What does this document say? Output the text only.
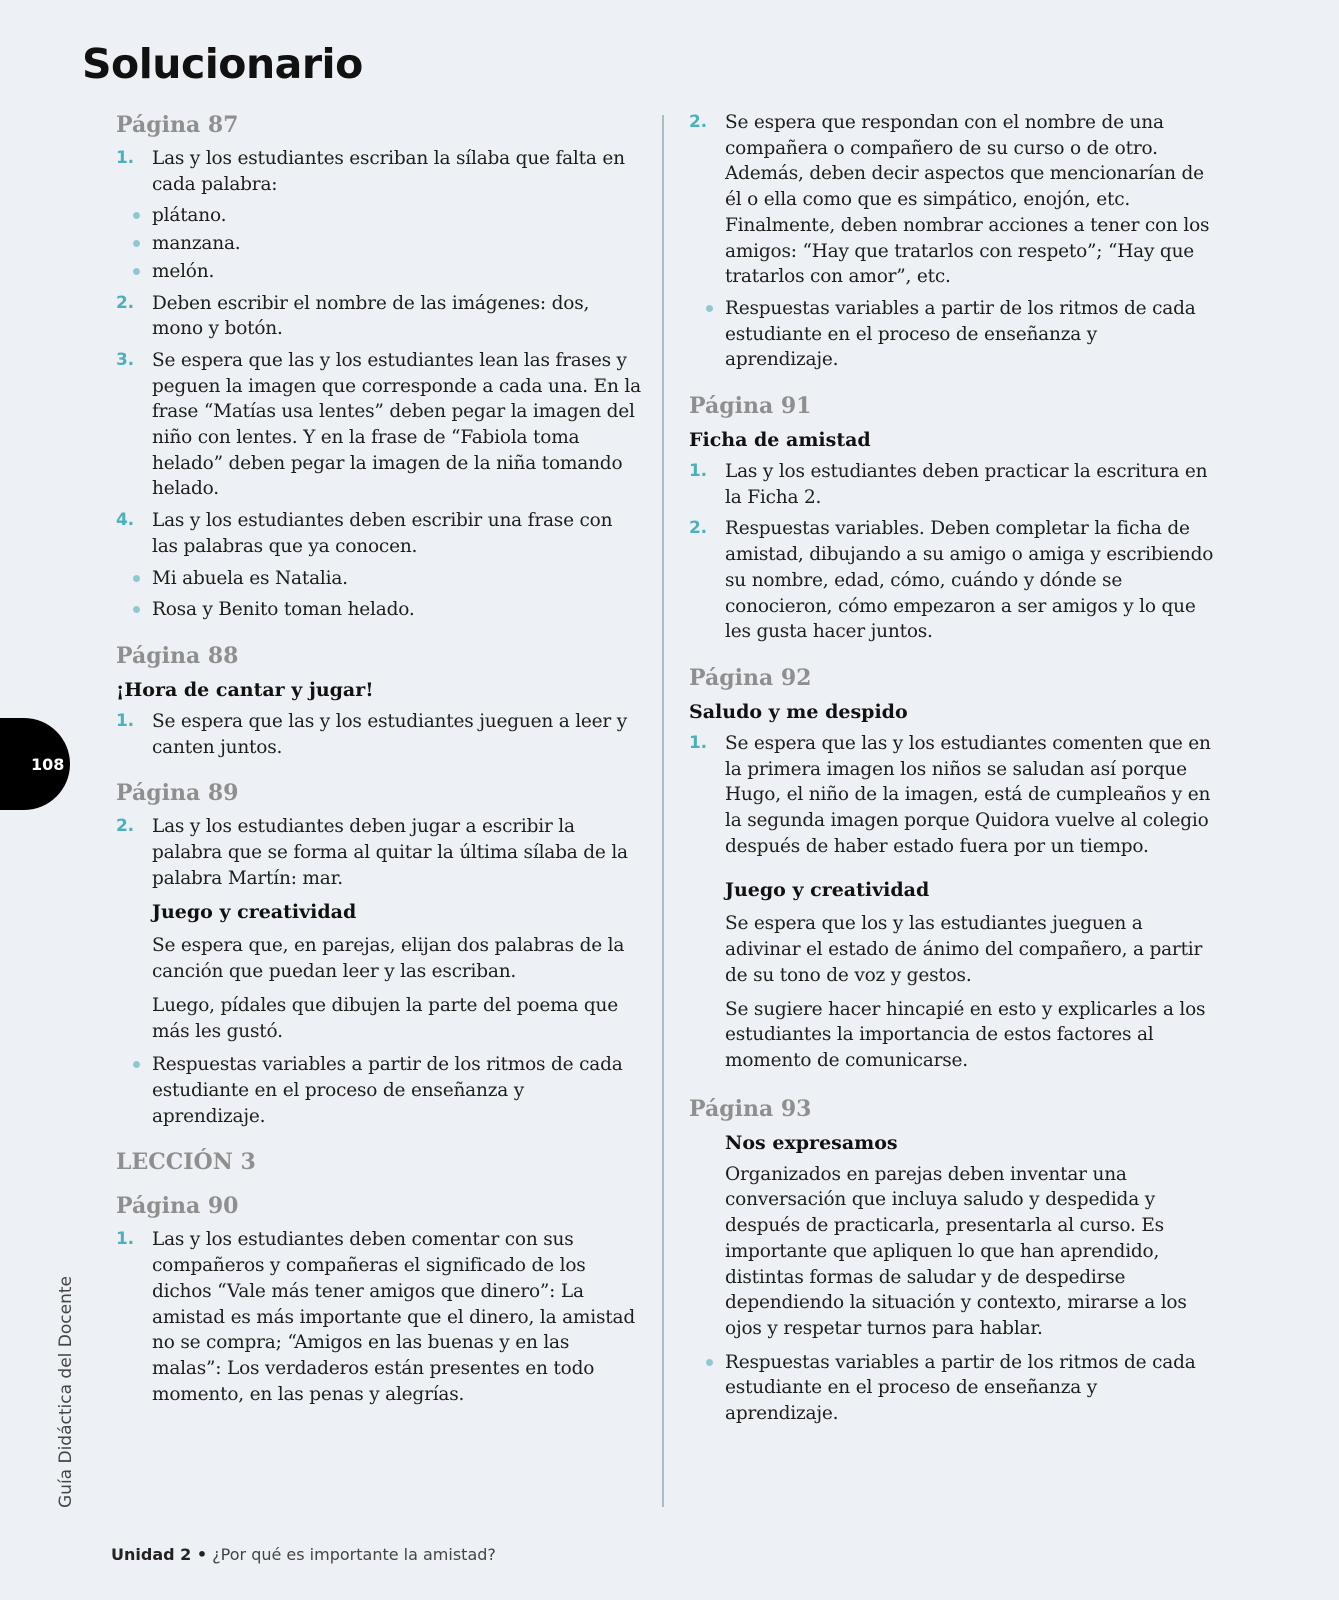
Solucionario
108
Guía Didáctica del Docente
Página 87
1. Las y los estudiantes escriban la sílaba que falta en cada palabra:
plátano.
manzana.
melón.
2. Deben escribir el nombre de las imágenes: dos, mono y botón.
3. Se espera que las y los estudiantes lean las frases y peguen la imagen que corresponde a cada una. En la frase “Matías usa lentes” deben pegar la imagen del niño con lentes. Y en la frase de “Fabiola toma helado” deben pegar la imagen de la niña tomando helado.
4. Las y los estudiantes deben escribir una frase con las palabras que ya conocen.
Mi abuela es Natalia.
Rosa y Benito toman helado.
Página 88
¡Hora de cantar y jugar!
1. Se espera que las y los estudiantes jueguen a leer y canten juntos.
Página 89
2. Las y los estudiantes deben jugar a escribir la palabra que se forma al quitar la última sílaba de la palabra Martín: mar.
Juego y creatividad
Se espera que, en parejas, elijan dos palabras de la canción que puedan leer y las escriban.
Luego, pídales que dibujen la parte del poema que más les gustó.
Respuestas variables a partir de los ritmos de cada estudiante en el proceso de enseñanza y aprendizaje.
LECCIÓN 3
Página 90
1. Las y los estudiantes deben comentar con sus compañeros y compañeras el significado de los dichos “Vale más tener amigos que dinero”: La amistad es más importante que el dinero, la amistad no se compra; “Amigos en las buenas y en las malas”: Los verdaderos están presentes en todo momento, en las penas y alegrías.
2. Se espera que respondan con el nombre de una compañera o compañero de su curso o de otro. Además, deben decir aspectos que mencionarían de él o ella como que es simpático, enojón, etc. Finalmente, deben nombrar acciones a tener con los amigos: “Hay que tratarlos con respeto”; “Hay que tratarlos con amor”, etc.
Respuestas variables a partir de los ritmos de cada estudiante en el proceso de enseñanza y aprendizaje.
Página 91
Ficha de amistad
1. Las y los estudiantes deben practicar la escritura en la Ficha 2.
2. Respuestas variables. Deben completar la ficha de amistad, dibujando a su amigo o amiga y escribiendo su nombre, edad, cómo, cuándo y dónde se conocieron, cómo empezaron a ser amigos y lo que les gusta hacer juntos.
Página 92
Saludo y me despido
1. Se espera que las y los estudiantes comenten que en la primera imagen los niños se saludan así porque Hugo, el niño de la imagen, está de cumpleaños y en la segunda imagen porque Quidora vuelve al colegio después de haber estado fuera por un tiempo.
Juego y creatividad
Se espera que los y las estudiantes jueguen a adivinar el estado de ánimo del compañero, a partir de su tono de voz y gestos.
Se sugiere hacer hincapié en esto y explicarles a los estudiantes la importancia de estos factores al momento de comunicarse.
Página 93
Nos expresamos
Organizados en parejas deben inventar una conversación que incluya saludo y despedida y después de practicarla, presentarla al curso. Es importante que apliquen lo que han aprendido, distintas formas de saludar y de despedirse dependiendo la situación y contexto, mirarse a los ojos y respetar turnos para hablar.
Respuestas variables a partir de los ritmos de cada estudiante en el proceso de enseñanza y aprendizaje.
Unidad 2 • ¿Por qué es importante la amistad?
